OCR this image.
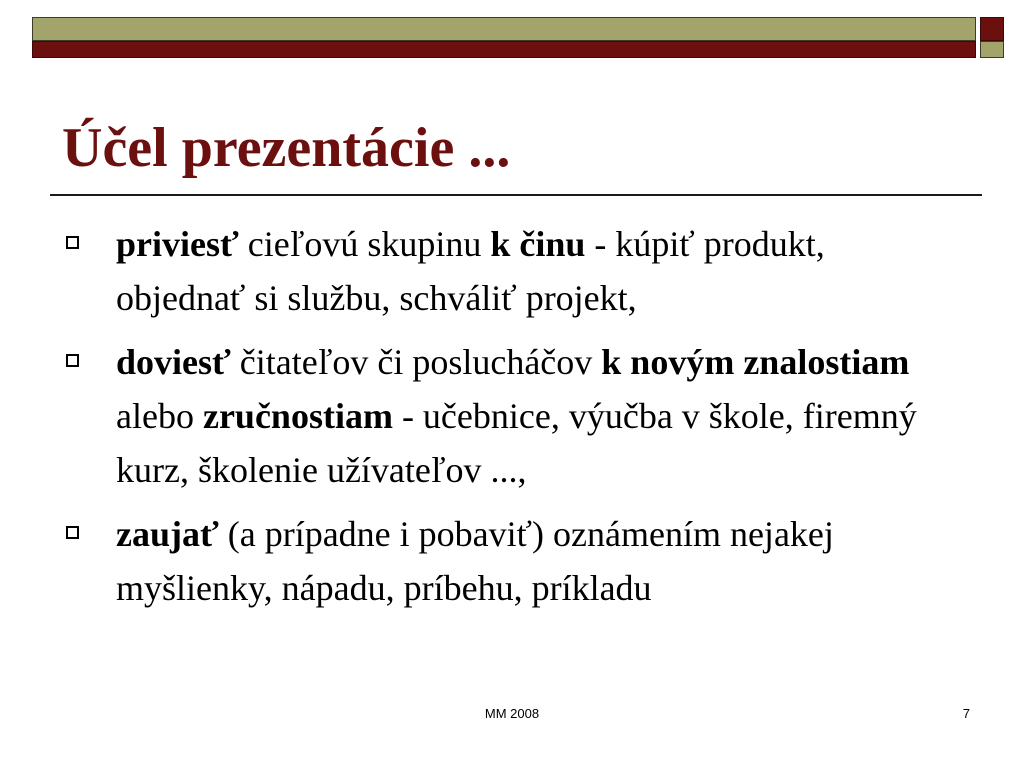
Účel prezentácie ...
priviesť cieľovú skupinu k činu - kúpiť produkt, objednať si službu, schváliť projekt,
doviesť čitateľov či poslucháčov k novým znalostiam alebo zručnostiam - učebnice, výučba v škole, firemný kurz, školenie užívateľov ...,
zaujať (a prípadne i pobaviť) oznámením nejakej myšlienky, nápadu, príbehu, príkladu
MM 2008	7
